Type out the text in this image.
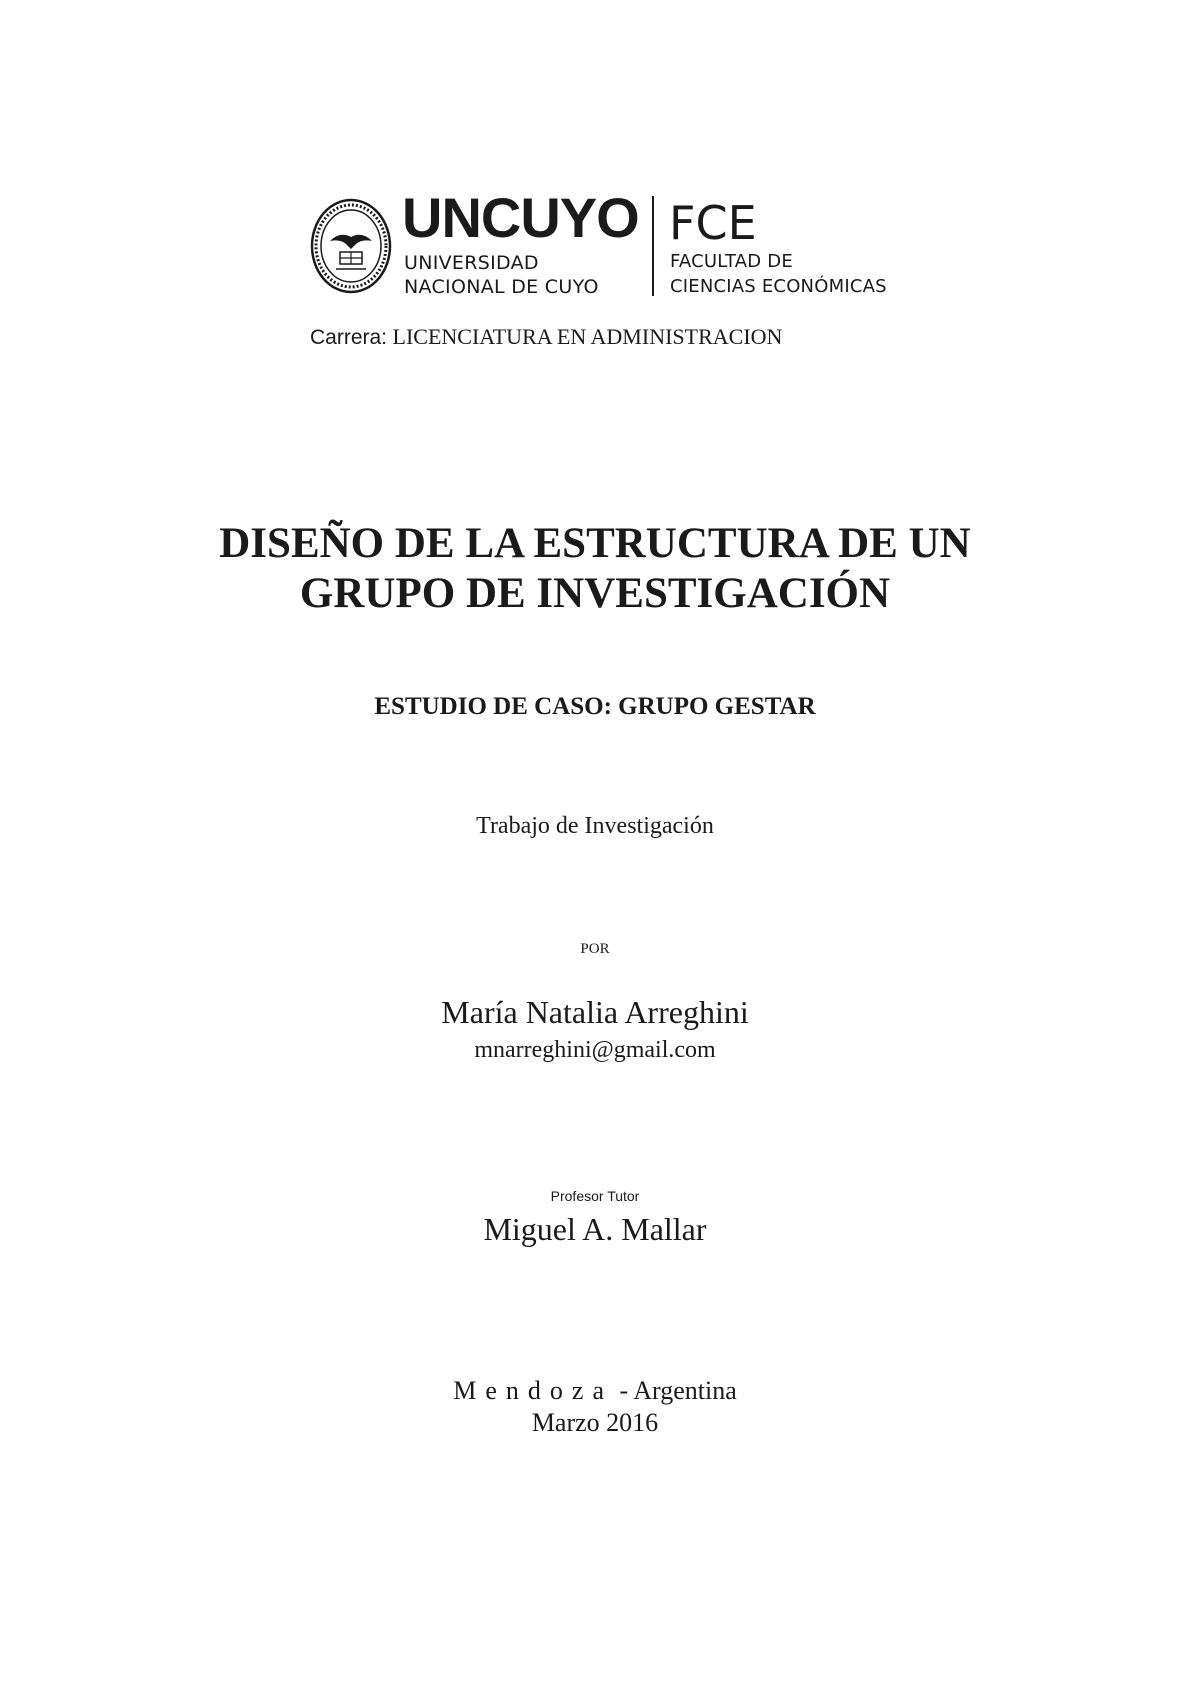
UNCUYO
UNIVERSIDAD
NACIONAL DE CUYO
FCE
FACULTAD DE
CIENCIAS ECONÓMICAS
Carrera: LICENCIATURA EN ADMINISTRACION
DISEÑO DE LA ESTRUCTURA DE UN
GRUPO DE INVESTIGACIÓN
ESTUDIO DE CASO: GRUPO GESTAR
Trabajo de Investigación
POR
María Natalia Arreghini
mnarreghini@gmail.com
Profesor Tutor
Miguel A. Mallar
Mendoza - Argentina
Marzo 2016
